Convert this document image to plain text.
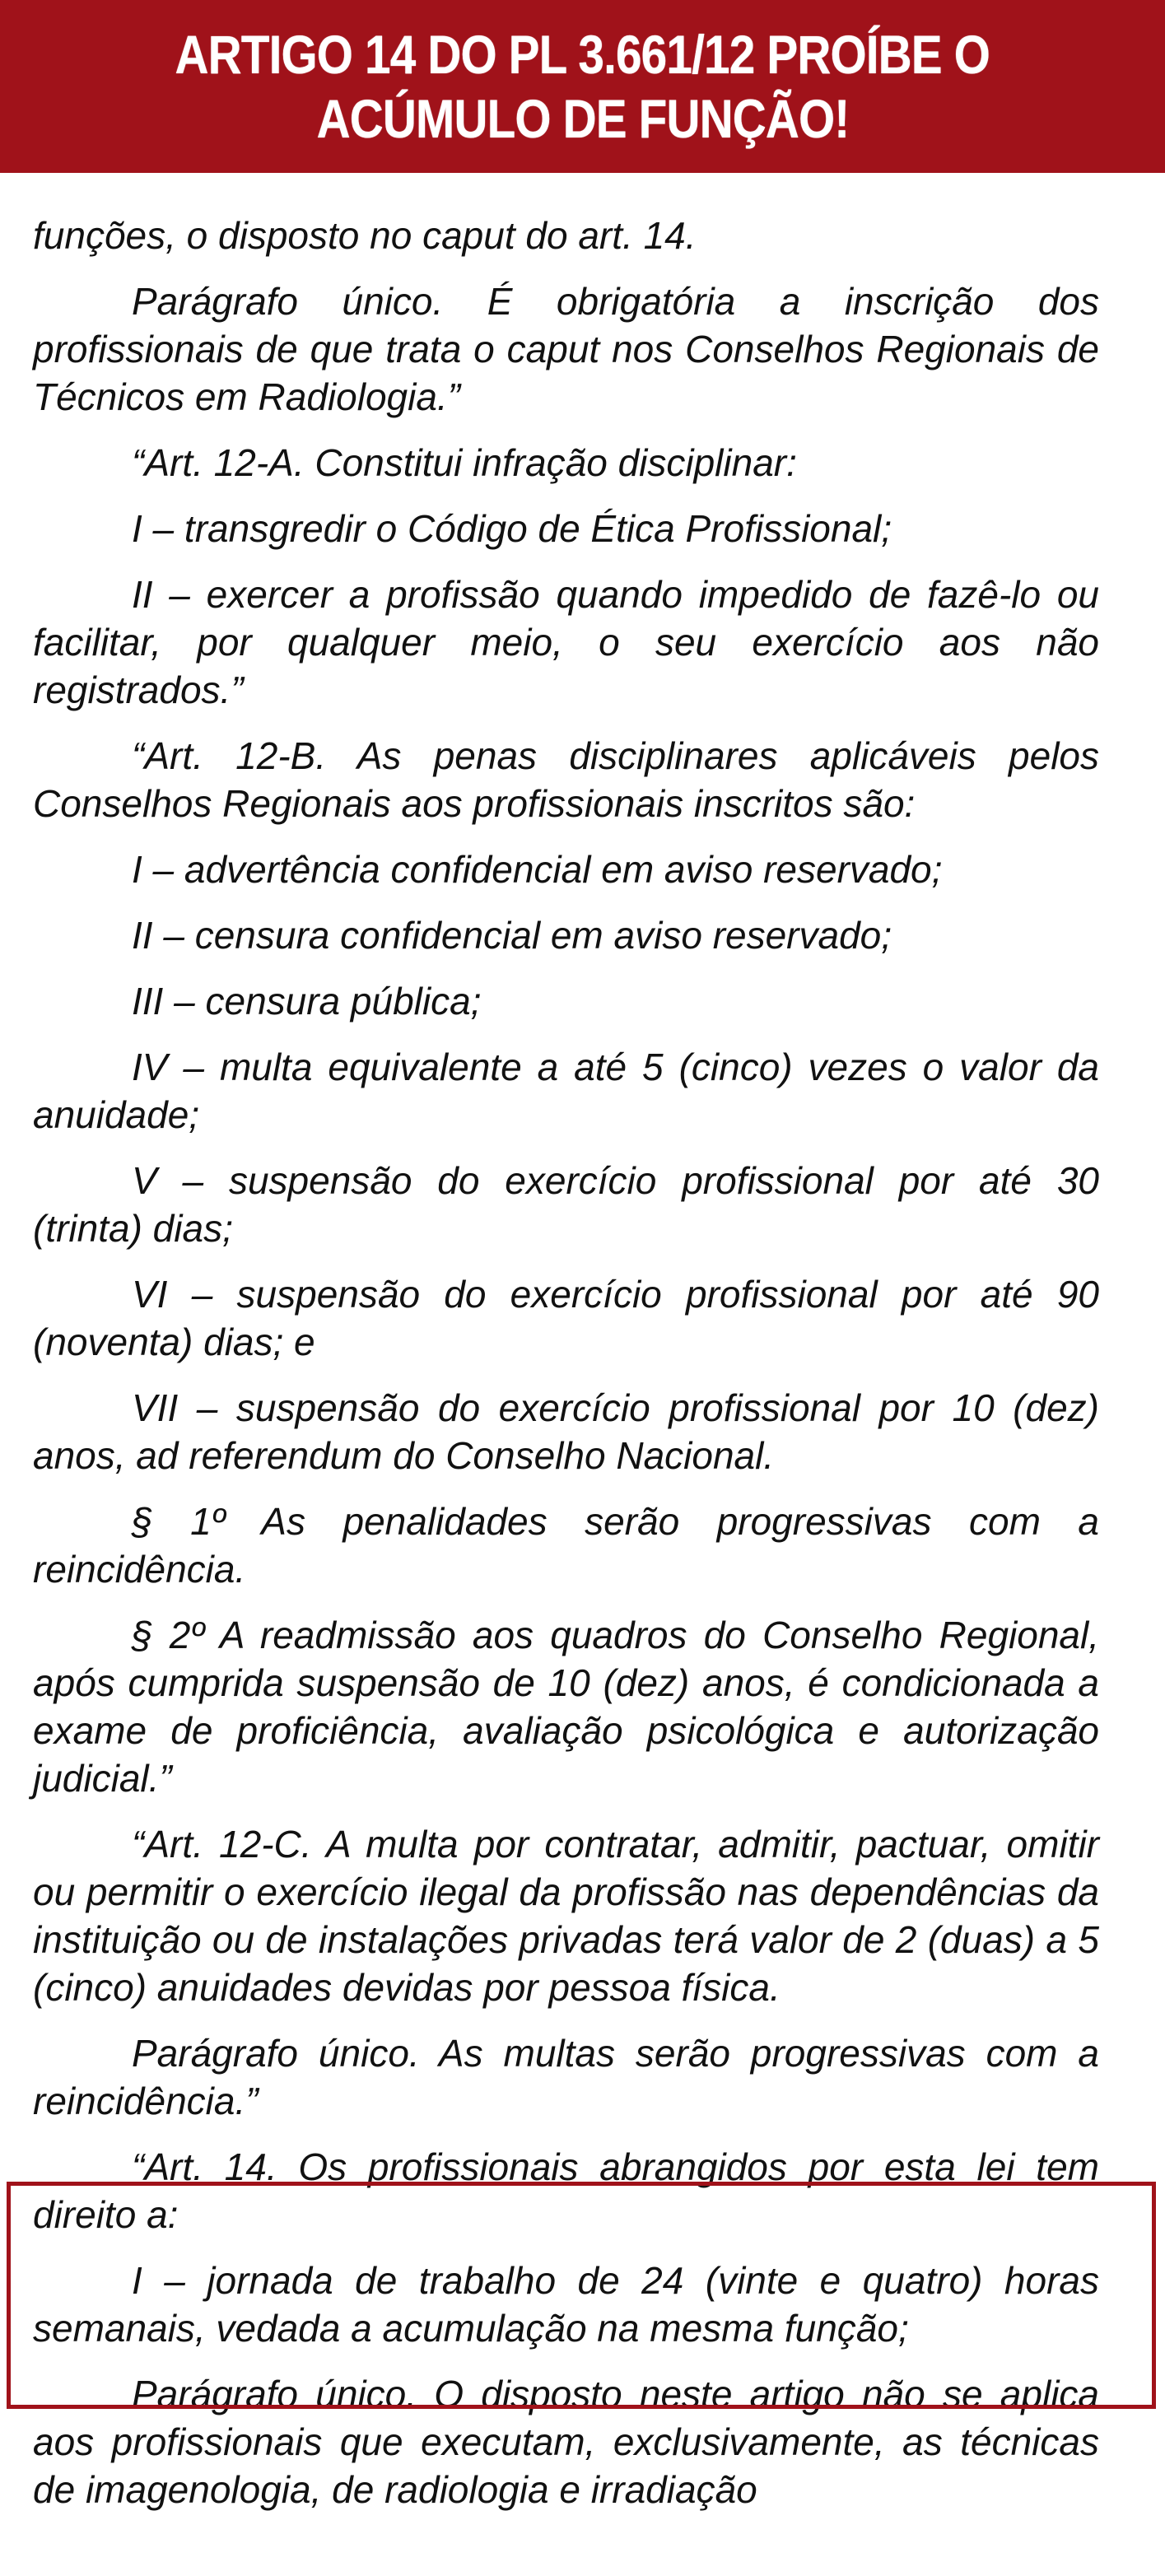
ARTIGO 14 DO PL 3.661/12 PROÍBE O
ACÚMULO DE FUNÇÃO!

funções, o disposto no caput do art. 14.

Parágrafo único. É obrigatória a inscrição dos profissionais de que trata o caput nos Conselhos Regionais de Técnicos em Radiologia.”

“Art. 12-A. Constitui infração disciplinar:

I – transgredir o Código de Ética Profissional;

II – exercer a profissão quando impedido de fazê-lo ou facilitar, por qualquer meio, o seu exercício aos não registrados.”

“Art. 12-B. As penas disciplinares aplicáveis pelos Conselhos Regionais aos profissionais inscritos são:

I – advertência confidencial em aviso reservado;

II – censura confidencial em aviso reservado;

III – censura pública;

IV – multa equivalente a até 5 (cinco) vezes o valor da anuidade;

V – suspensão do exercício profissional por até 30 (trinta) dias;

VI – suspensão do exercício profissional por até 90 (noventa) dias; e

VII – suspensão do exercício profissional por 10 (dez) anos, ad referendum do Conselho Nacional.

§ 1º As penalidades serão progressivas com a reincidência.

§ 2º A readmissão aos quadros do Conselho Regional, após cumprida suspensão de 10 (dez) anos, é condicionada a exame de proficiência, avaliação psicológica e autorização judicial.”

“Art. 12-C. A multa por contratar, admitir, pactuar, omitir ou permitir o exercício ilegal da profissão nas dependências da instituição ou de instalações privadas terá valor de 2 (duas) a 5 (cinco) anuidades devidas por pessoa física.

Parágrafo único. As multas serão progressivas com a reincidência.”

“Art. 14. Os profissionais abrangidos por esta lei tem direito a:

I – jornada de trabalho de 24 (vinte e quatro) horas semanais, vedada a acumulação na mesma função;

Parágrafo único. O disposto neste artigo não se aplica aos profissionais que executam, exclusivamente, as técnicas de imagenologia, de radiologia e irradiação
